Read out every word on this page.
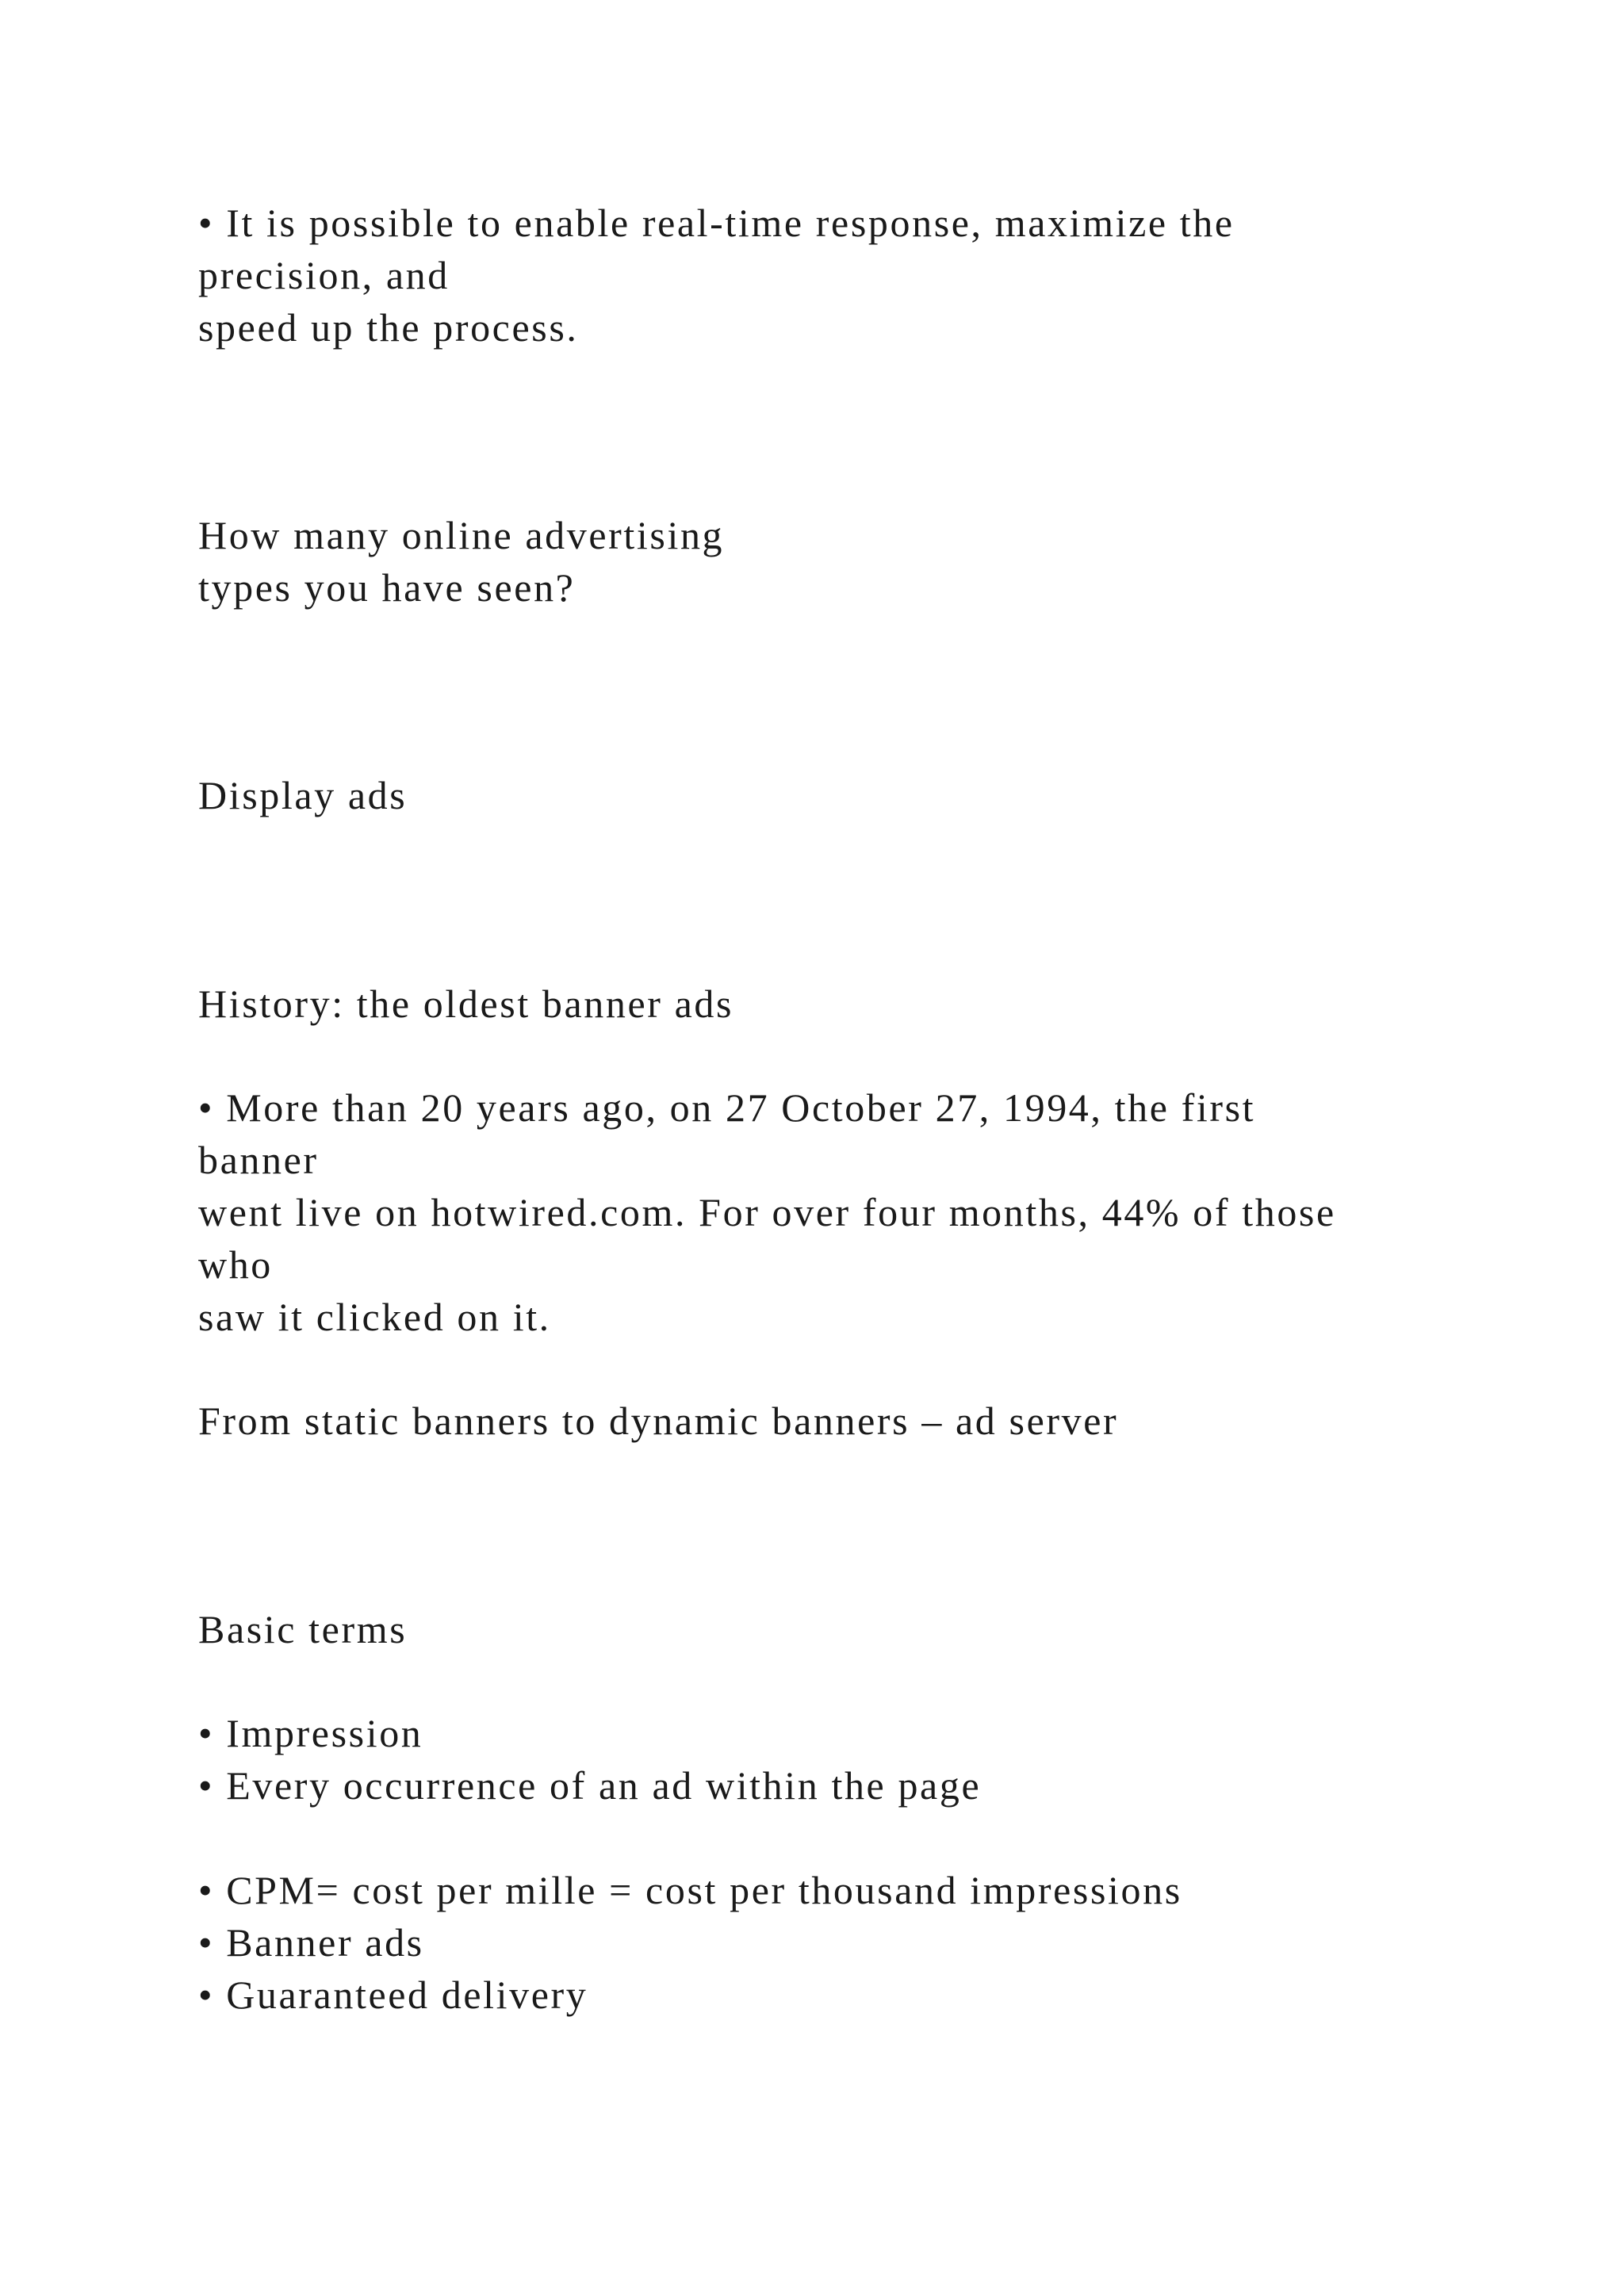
• It is possible to enable real-time response, maximize the

precision, and

speed up the process.

How many online advertising

types you have seen?

Display ads

History: the oldest banner ads

• More than 20 years ago, on 27 October 27, 1994, the first

banner

went live on hotwired.com. For over four months, 44% of those

who

saw it clicked on it.

From static banners to dynamic banners – ad server

Basic terms

• Impression

• Every occurrence of an ad within the page

• CPM= cost per mille = cost per thousand impressions

• Banner ads

• Guaranteed delivery
